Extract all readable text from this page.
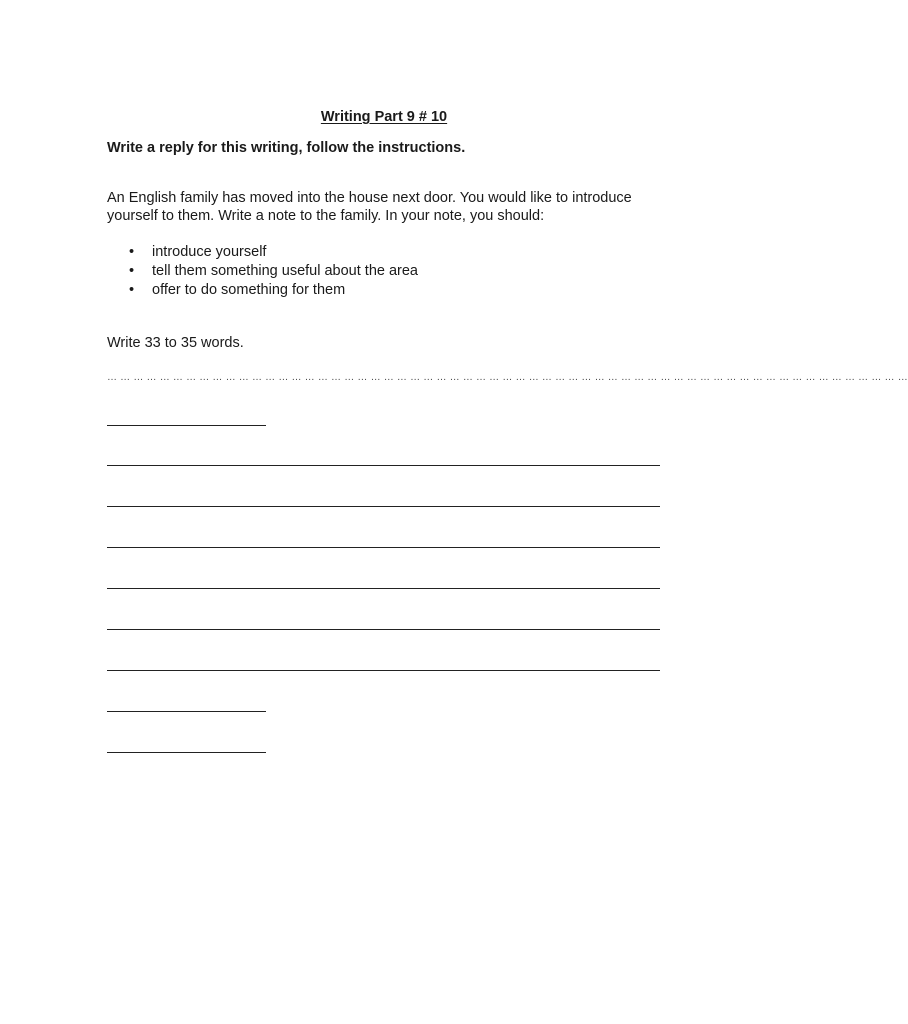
Writing Part 9 # 10
Write a reply for this writing, follow the instructions.
An English family has moved into the house next door. You would like to introduce yourself to them. Write a note to the family. In your note, you should:
• introduce yourself
• tell them something useful about the area
• offer to do something for them
Write 33 to 35 words.
… … … … … … … … … … … … … … … … … … … … … … … … … … … … … … … … … … … … … … … … … … … … … … … … … … … … … … … … … … … … …
